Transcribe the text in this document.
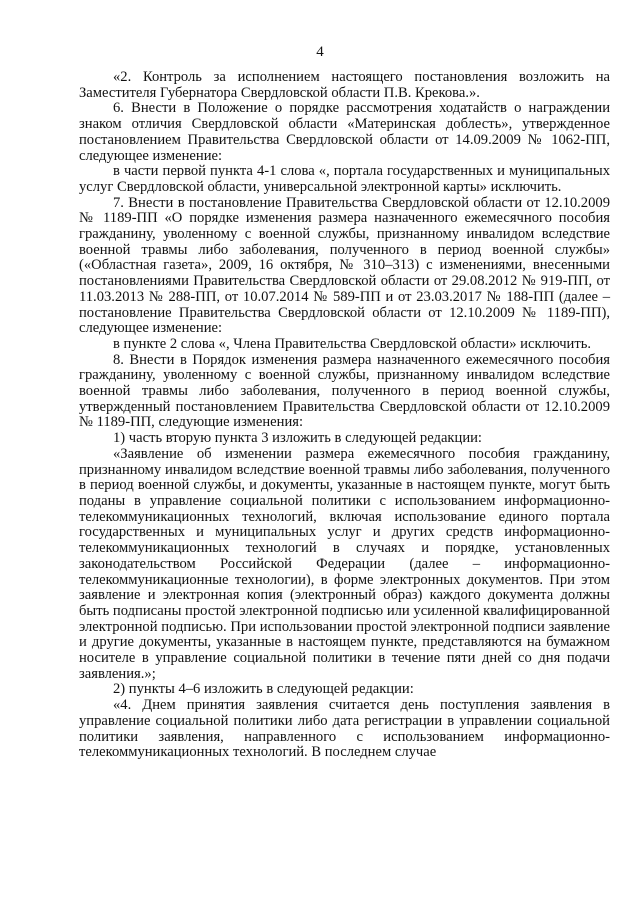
4

«2. Контроль за исполнением настоящего постановления возложить на Заместителя Губернатора Свердловской области П.В. Крекова.».

6. Внести в Положение о порядке рассмотрения ходатайств о награждении знаком отличия Свердловской области «Материнская доблесть», утвержденное постановлением Правительства Свердловской области от 14.09.2009 № 1062-ПП, следующее изменение:

в части первой пункта 4-1 слова «, портала государственных и муниципальных услуг Свердловской области, универсальной электронной карты» исключить.

7. Внести в постановление Правительства Свердловской области от 12.10.2009 № 1189-ПП «О порядке изменения размера назначенного ежемесячного пособия гражданину, уволенному с военной службы, признанному инвалидом вследствие военной травмы либо заболевания, полученного в период военной службы» («Областная газета», 2009, 16 октября, № 310–313) с изменениями, внесенными постановлениями Правительства Свердловской области от 29.08.2012 № 919-ПП, от 11.03.2013 № 288-ПП, от 10.07.2014 № 589-ПП и от 23.03.2017 № 188-ПП (далее – постановление Правительства Свердловской области от 12.10.2009 № 1189-ПП), следующее изменение:

в пункте 2 слова «, Члена Правительства Свердловской области» исключить.

8. Внести в Порядок изменения размера назначенного ежемесячного пособия гражданину, уволенному с военной службы, признанному инвалидом вследствие военной травмы либо заболевания, полученного в период военной службы, утвержденный постановлением Правительства Свердловской области от 12.10.2009 № 1189-ПП, следующие изменения:

1) часть вторую пункта 3 изложить в следующей редакции:

«Заявление об изменении размера ежемесячного пособия гражданину, признанному инвалидом вследствие военной травмы либо заболевания, полученного в период военной службы, и документы, указанные в настоящем пункте, могут быть поданы в управление социальной политики с использованием информационно-телекоммуникационных технологий, включая использование единого портала государственных и муниципальных услуг и других средств информационно-телекоммуникационных технологий в случаях и порядке, установленных законодательством Российской Федерации (далее – информационно-телекоммуникационные технологии), в форме электронных документов. При этом заявление и электронная копия (электронный образ) каждого документа должны быть подписаны простой электронной подписью или усиленной квалифицированной электронной подписью. При использовании простой электронной подписи заявление и другие документы, указанные в настоящем пункте, представляются на бумажном носителе в управление социальной политики в течение пяти дней со дня подачи заявления.»;

2) пункты 4–6 изложить в следующей редакции:

«4. Днем принятия заявления считается день поступления заявления в управление социальной политики либо дата регистрации в управлении социальной политики заявления, направленного с использованием информационно-телекоммуникационных технологий. В последнем случае
